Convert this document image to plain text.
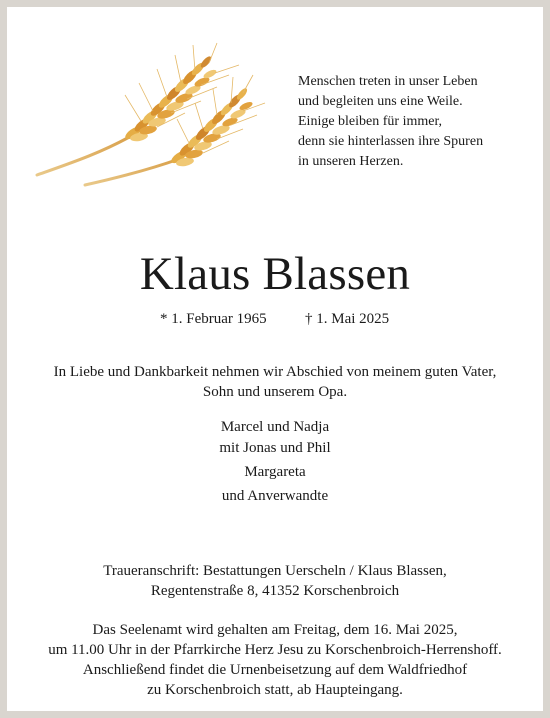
Menschen treten in unser Leben
und begleiten uns eine Weile.
Einige bleiben für immer,
denn sie hinterlassen ihre Spuren
in unseren Herzen.
Klaus Blassen
* 1. Februar 1965	† 1. Mai 2025
In Liebe und Dankbarkeit nehmen wir Abschied von meinem guten Vater,
Sohn und unserem Opa.
Marcel und Nadja
mit Jonas und Phil
Margareta
und Anverwandte
Traueranschrift: Bestattungen Uerscheln / Klaus Blassen,
Regentenstraße 8, 41352 Korschenbroich
Das Seelenamt wird gehalten am Freitag, dem 16. Mai 2025,
um 11.00 Uhr in der Pfarrkirche Herz Jesu zu Korschenbroich-Herrenshoff.
Anschließend findet die Urnenbeisetzung auf dem Waldfriedhof
zu Korschenbroich statt, ab Haupteingang.
